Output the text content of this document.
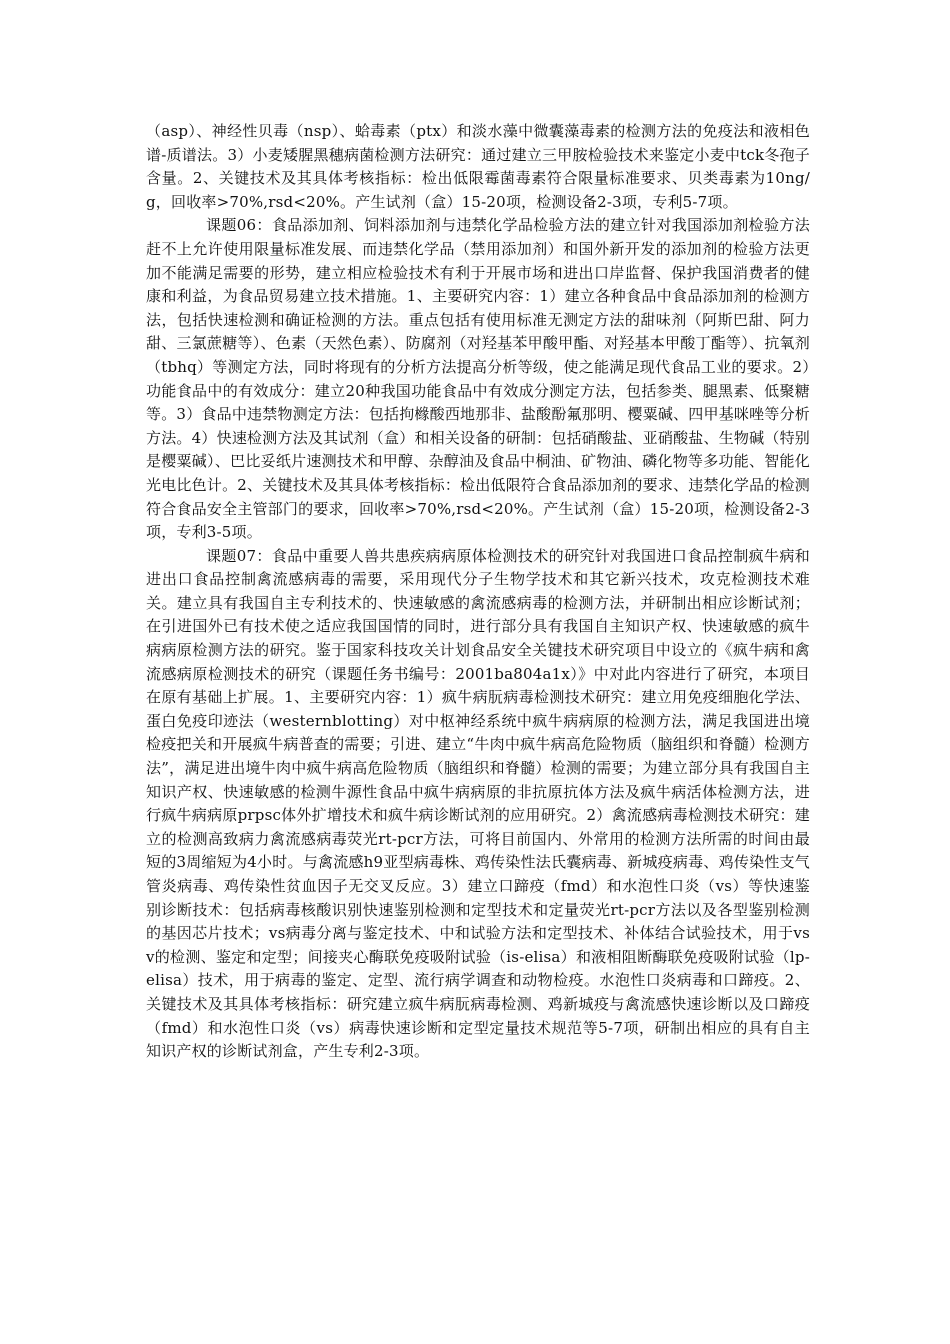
（asp）、神经性贝毒（nsp）、蛤毒素（ptx）和淡水藻中微囊藻毒素的检测方法的免疫法和液相色谱-质谱法。3）小麦矮腥黑穗病菌检测方法研究：通过建立三甲胺检验技术来鉴定小麦中tck冬孢子含量。2、关键技术及其具体考核指标：检出低限霉菌毒素符合限量标准要求、贝类毒素为10ng/g，回收率>70%,rsd<20%。产生试剂（盒）15-20项，检测设备2-3项，专利5-7项。

课题06：食品添加剂、饲料添加剂与违禁化学品检验方法的建立针对我国添加剂检验方法赶不上允许使用限量标准发展、而违禁化学品（禁用添加剂）和国外新开发的添加剂的检验方法更加不能满足需要的形势，建立相应检验技术有利于开展市场和进出口岸监督、保护我国消费者的健康和利益，为食品贸易建立技术措施。1、主要研究内容：1）建立各种食品中食品添加剂的检测方法，包括快速检测和确证检测的方法。重点包括有使用标准无测定方法的甜味剂（阿斯巴甜、阿力甜、三氯蔗糖等）、色素（天然色素）、防腐剂（对羟基苯甲酸甲酯、对羟基本甲酸丁酯等）、抗氧剂（tbhq）等测定方法，同时将现有的分析方法提高分析等级，使之能满足现代食品工业的要求。2）功能食品中的有效成分：建立20种我国功能食品中有效成分测定方法，包括参类、腿黑素、低聚糖等。3）食品中违禁物测定方法：包括拘橼酸西地那非、盐酸酚氟那明、樱粟碱、四甲基咪唑等分析方法。4）快速检测方法及其试剂（盒）和相关设备的研制：包括硝酸盐、亚硝酸盐、生物碱（特别是樱粟碱）、巴比妥纸片速测技术和甲醇、杂醇油及食品中桐油、矿物油、磷化物等多功能、智能化光电比色计。2、关键技术及其具体考核指标：检出低限符合食品添加剂的要求、违禁化学品的检测符合食品安全主管部门的要求，回收率>70%,rsd<20%。产生试剂（盒）15-20项，检测设备2-3项，专利3-5项。

课题07：食品中重要人兽共患疾病病原体检测技术的研究针对我国进口食品控制疯牛病和进出口食品控制禽流感病毒的需要，采用现代分子生物学技术和其它新兴技术，攻克检测技术难关。建立具有我国自主专利技术的、快速敏感的禽流感病毒的检测方法，并研制出相应诊断试剂；在引进国外已有技术使之适应我国国情的同时，进行部分具有我国自主知识产权、快速敏感的疯牛病病原检测方法的研究。鉴于国家科技攻关计划食品安全关键技术研究项目中设立的《疯牛病和禽流感病原检测技术的研究（课题任务书编号：2001ba804a1x）》中对此内容进行了研究，本项目在原有基础上扩展。1、主要研究内容：1）疯牛病朊病毒检测技术研究：建立用免疫细胞化学法、蛋白免疫印迹法（westernblotting）对中枢神经系统中疯牛病病原的检测方法，满足我国进出境检疫把关和开展疯牛病普查的需要；引进、建立“牛肉中疯牛病高危险物质（脑组织和脊髓）检测方法”，满足进出境牛肉中疯牛病高危险物质（脑组织和脊髓）检测的需要；为建立部分具有我国自主知识产权、快速敏感的检测牛源性食品中疯牛病病原的非抗原抗体方法及疯牛病活体检测方法，进行疯牛病病原prpsc体外扩增技术和疯牛病诊断试剂的应用研究。2）禽流感病毒检测技术研究：建立的检测高致病力禽流感病毒荧光rt-pcr方法，可将目前国内、外常用的检测方法所需的时间由最短的3周缩短为4小时。与禽流感h9亚型病毒株、鸡传染性法氏囊病毒、新城疫病毒、鸡传染性支气管炎病毒、鸡传染性贫血因子无交叉反应。3）建立口蹄疫（fmd）和水泡性口炎（vs）等快速鉴别诊断技术：包括病毒核酸识别快速鉴别检测和定型技术和定量荧光rt-pcr方法以及各型鉴别检测的基因芯片技术；vs病毒分离与鉴定技术、中和试验方法和定型技术、补体结合试验技术，用于vsv的检测、鉴定和定型；间接夹心酶联免疫吸附试验（is-elisa）和液相阻断酶联免疫吸附试验（lp-elisa）技术，用于病毒的鉴定、定型、流行病学调查和动物检疫。水泡性口炎病毒和口蹄疫。2、关键技术及其具体考核指标：研究建立疯牛病朊病毒检测、鸡新城疫与禽流感快速诊断以及口蹄疫（fmd）和水泡性口炎（vs）病毒快速诊断和定型定量技术规范等5-7项，研制出相应的具有自主知识产权的诊断试剂盒，产生专利2-3项。
